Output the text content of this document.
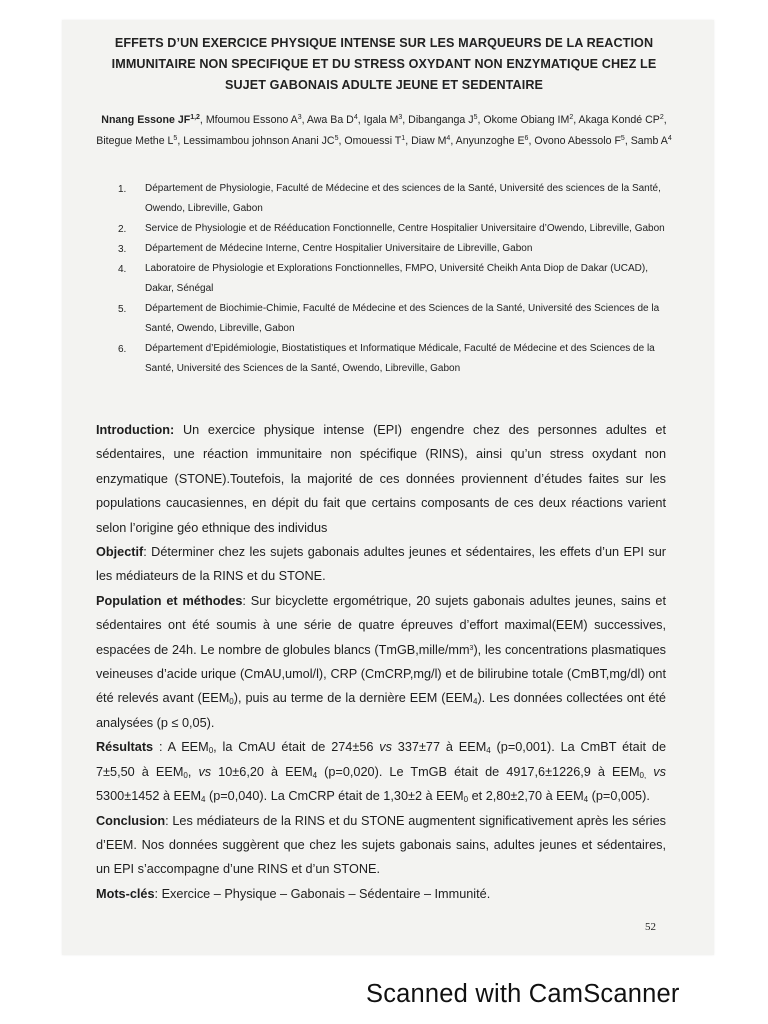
EFFETS D’UN EXERCICE PHYSIQUE INTENSE SUR LES MARQUEURS DE LA REACTION IMMUNITAIRE NON SPECIFIQUE ET DU STRESS OXYDANT NON ENZYMATIQUE CHEZ LE SUJET GABONAIS ADULTE JEUNE ET SEDENTAIRE
Nnang Essone JF$^{1,2}$, Mfoumou Essono $A^3$, Awa Ba $D^4$, Igala $M^3$, Dibanganga $J^5$, Okome Obiang $IM^2$, Akaga Kondé $CP^2$, Bitegue Methe $L^5$, Lessimambou johnson Anani $JC^5$, Omouessi $T^1$, Diaw $M^4$, Anyunzoghe $E^6$, Ovono Abessolo $F^5$, Samb $A^4$
1. Département de Physiologie, Faculté de Médecine et des sciences de la Santé, Université des sciences de la Santé, Owendo, Libreville, Gabon
2. Service de Physiologie et de Rééducation Fonctionnelle, Centre Hospitalier Universitaire d’Owendo, Libreville, Gabon
3. Département de Médecine Interne, Centre Hospitalier Universitaire de Libreville, Gabon
4. Laboratoire de Physiologie et Explorations Fonctionnelles, FMPO, Université Cheikh Anta Diop de Dakar (UCAD), Dakar, Sénégal
5. Département de Biochimie-Chimie, Faculté de Médecine et des Sciences de la Santé, Université des Sciences de la Santé, Owendo, Libreville, Gabon
6. Département d’Epidémiologie, Biostatistiques et Informatique Médicale, Faculté de Médecine et des Sciences de la Santé, Université des Sciences de la Santé, Owendo, Libreville, Gabon

Introduction: Un exercice physique intense (EPI) engendre chez des personnes adultes et sédentaires, une réaction immunitaire non spécifique (RINS), ainsi qu’un stress oxydant non enzymatique (STONE).Toutefois, la majorité de ces données proviennent d’études faites sur les populations caucasiennes, en dépit du fait que certains composants de ces deux réactions varient selon l’origine géo ethnique des individus

Objectif: Déterminer chez les sujets gabonais adultes jeunes et sédentaires, les effets d’un EPI sur les médiateurs de la RINS et du STONE.

Population et méthodes: Sur bicyclette ergométrique, 20 sujets gabonais adultes jeunes, sains et sédentaires ont été soumis à une série de quatre épreuves d’effort maximal(EEM) successives, espacées de 24h. Le nombre de globules blancs $(TmGB,mille/mm^3)$, les concentrations plasmatiques veineuses d’acide urique (CmAU,umol/l), CRP (CmCRP,mg/l) et de bilirubine totale (CmBT,mg/dl) ont été relevés avant $(EEM_0)$, puis au terme de la dernière EEM $(EEM_4)$. Les données collectées ont été analysées (p ≤ 0,05).

Résultats : A $EEM_0$, la CmAU était de 274±56 vs 337±77 à $EEM_4$ (p=0,001). La CmBT était de 7±5,50 à $EEM_0$, vs 10±6,20 à $EEM_4$ (p=0,020). Le TmGB était de 4917,6±1226,9 à $EEM_{0,}$ vs 5300±1452 à $EEM_4$ (p=0,040). La CmCRP était de 1,30±2 à $EEM_0$ et 2,80±2,70 à $EEM_4$ (p=0,005).

Conclusion: Les médiateurs de la RINS et du STONE augmentent significativement après les séries d’EEM. Nos données suggèrent que chez les sujets gabonais sains, adultes jeunes et sédentaires, un EPI s’accompagne d’une RINS et d’un STONE.

Mots-clés: Exercice – Physique – Gabonais – Sédentaire – Immunité.

52
Scanned with CamScanner
